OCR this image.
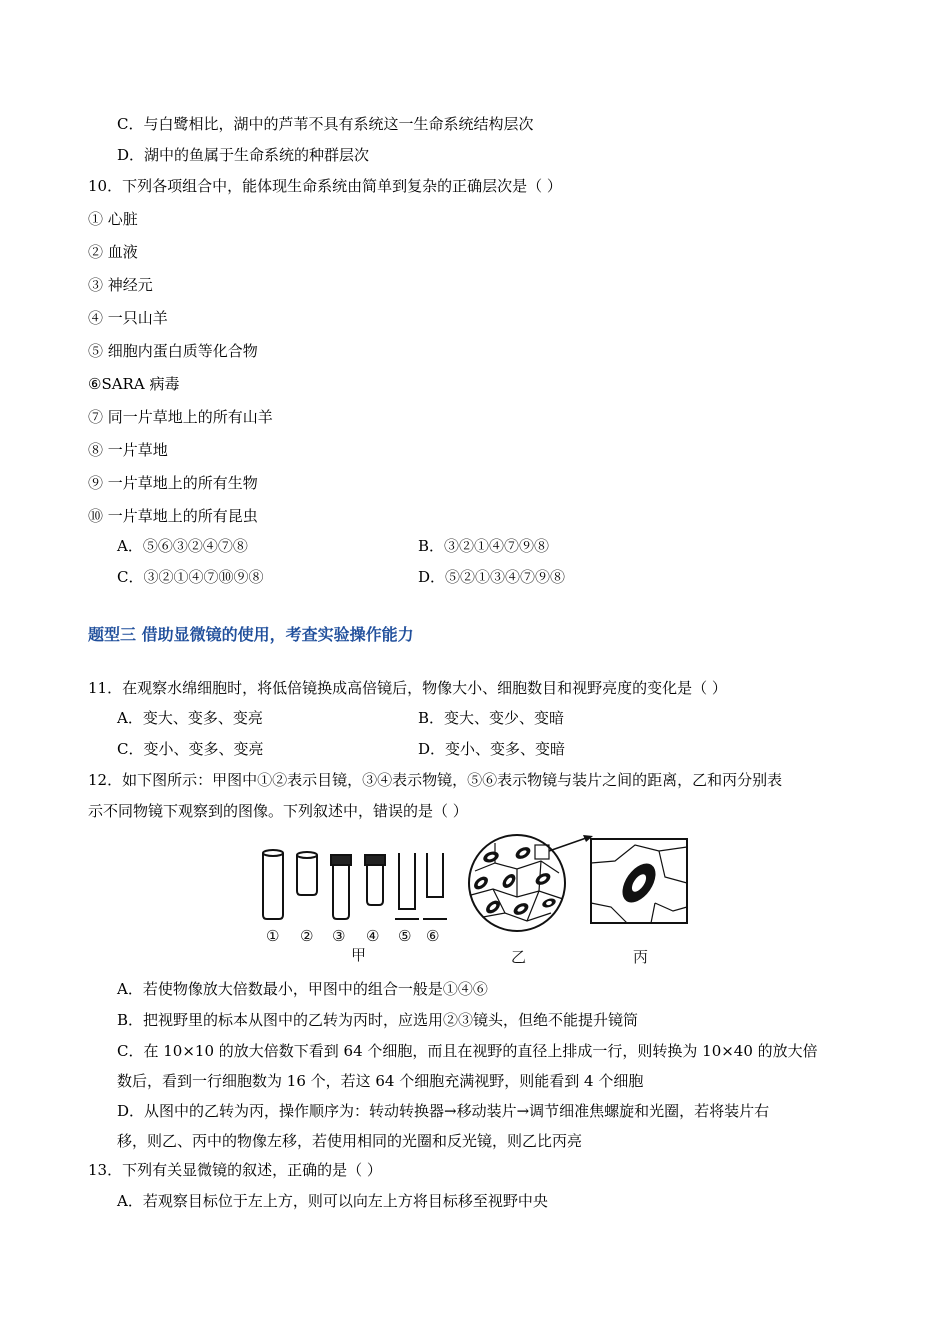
C．与白鹭相比，湖中的芦苇不具有系统这一生命系统结构层次
D．湖中的鱼属于生命系统的种群层次
10．下列各项组合中，能体现生命系统由简单到复杂的正确层次是（ ）
① 心脏
② 血液
③ 神经元
④ 一只山羊
⑤ 细胞内蛋白质等化合物
⑥SARA 病毒
⑦ 同一片草地上的所有山羊
⑧ 一片草地
⑨ 一片草地上的所有生物
⑩ 一片草地上的所有昆虫
A．⑤⑥③②④⑦⑧	B．③②①④⑦⑨⑧
C．③②①④⑦⑩⑨⑧	D．⑤②①③④⑦⑨⑧
题型三 借助显微镜的使用，考查实验操作能力
11．在观察水绵细胞时，将低倍镜换成高倍镜后，物像大小、细胞数目和视野亮度的变化是（ ）
A．变大、变多、变亮	B．变大、变少、变暗
C．变小、变多、变亮	D．变小、变多、变暗
12．如下图所示：甲图中①②表示目镜，③④表示物镜，⑤⑥表示物镜与装片之间的距离，乙和丙分别表
示不同物镜下观察到的图像。下列叙述中，错误的是（ ）
① ② ③ ④ ⑤ ⑥
甲	乙	丙
A．若使物像放大倍数最小，甲图中的组合一般是①④⑥
B．把视野里的标本从图中的乙转为丙时，应选用②③镜头，但绝不能提升镜筒
C．在 10×10 的放大倍数下看到 64 个细胞，而且在视野的直径上排成一行，则转换为 10×40 的放大倍
数后，看到一行细胞数为 16 个，若这 64 个细胞充满视野，则能看到 4 个细胞
D．从图中的乙转为丙，操作顺序为：转动转换器→移动装片→调节细准焦螺旋和光圈，若将装片右
移，则乙、丙中的物像左移，若使用相同的光圈和反光镜，则乙比丙亮
13．下列有关显微镜的叙述，正确的是（ ）
A．若观察目标位于左上方，则可以向左上方将目标移至视野中央
